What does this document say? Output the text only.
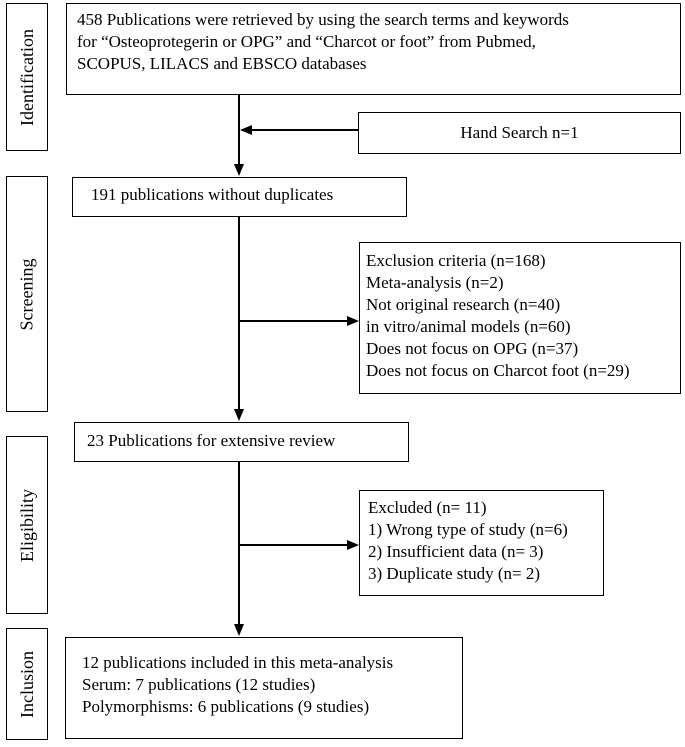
Identification
Screening
Eligibility
Inclusion
458 Publications were retrieved by using the search terms and keywords
for “Osteoprotegerin or OPG” and “Charcot or foot” from Pubmed,
SCOPUS, LILACS and EBSCO databases
Hand Search n=1
191 publications without duplicates
Exclusion criteria (n=168)
Meta-analysis (n=2)
Not original research (n=40)
in vitro/animal models (n=60)
Does not focus on OPG (n=37)
Does not focus on Charcot foot (n=29)
23 Publications for extensive review
Excluded (n= 11)
1) Wrong type of study (n=6)
2) Insufficient data (n= 3)
3) Duplicate study (n= 2)
12 publications included in this meta-analysis
Serum: 7 publications (12 studies)
Polymorphisms: 6 publications (9 studies)
